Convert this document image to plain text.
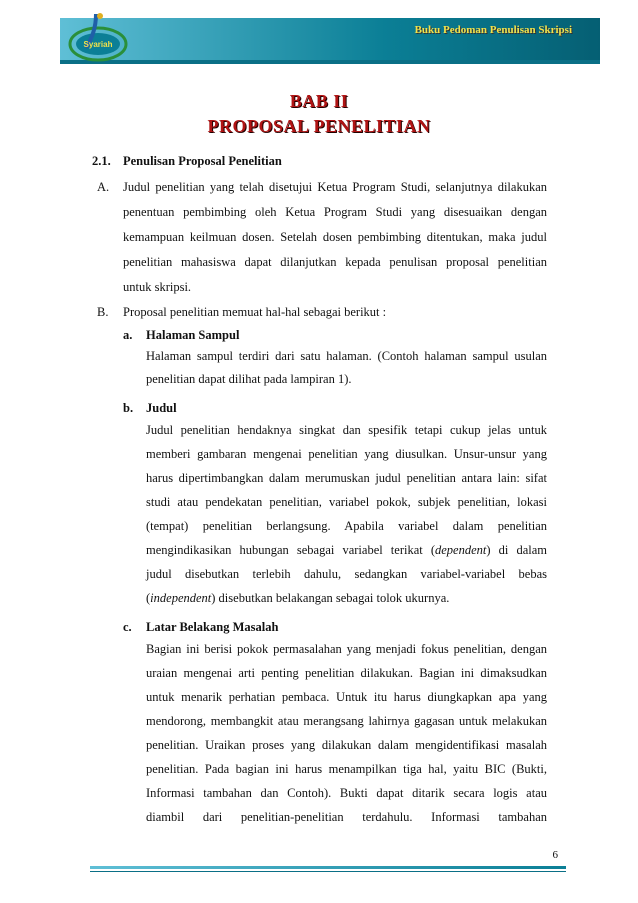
Buku Pedoman Penulisan Skripsi
Syariah
BAB II
PROPOSAL PENELITIAN
2.1. Penulisan Proposal Penelitian
A. Judul penelitian yang telah disetujui Ketua Program Studi, selanjutnya dilakukan
penentuan pembimbing oleh Ketua Program Studi yang disesuaikan dengan
kemampuan keilmuan dosen. Setelah dosen pembimbing ditentukan, maka judul
penelitian mahasiswa dapat dilanjutkan kepada penulisan proposal penelitian
untuk skripsi.
B. Proposal penelitian memuat hal-hal sebagai berikut :
a. Halaman Sampul
Halaman sampul terdiri dari satu halaman. (Contoh halaman sampul usulan
penelitian dapat dilihat pada lampiran 1).
b. Judul
Judul penelitian hendaknya singkat dan spesifik tetapi cukup jelas untuk
memberi gambaran mengenai penelitian yang diusulkan. Unsur-unsur yang
harus dipertimbangkan dalam merumuskan judul penelitian antara lain: sifat
studi atau pendekatan penelitian, variabel pokok, subjek penelitian, lokasi
(tempat) penelitian berlangsung. Apabila variabel dalam penelitian
mengindikasikan hubungan sebagai variabel terikat (dependent) di dalam
judul disebutkan terlebih dahulu, sedangkan variabel-variabel bebas
(independent) disebutkan belakangan sebagai tolok ukurnya.
c. Latar Belakang Masalah
Bagian ini berisi pokok permasalahan yang menjadi fokus penelitian, dengan
uraian mengenai arti penting penelitian dilakukan. Bagian ini dimaksudkan
untuk menarik perhatian pembaca. Untuk itu harus diungkapkan apa yang
mendorong, membangkit atau merangsang lahirnya gagasan untuk melakukan
penelitian. Uraikan proses yang dilakukan dalam mengidentifikasi masalah
penelitian. Pada bagian ini harus menampilkan tiga hal, yaitu BIC (Bukti,
Informasi tambahan dan Contoh). Bukti dapat ditarik secara logis atau
diambil dari penelitian-penelitian terdahulu. Informasi tambahan
6
